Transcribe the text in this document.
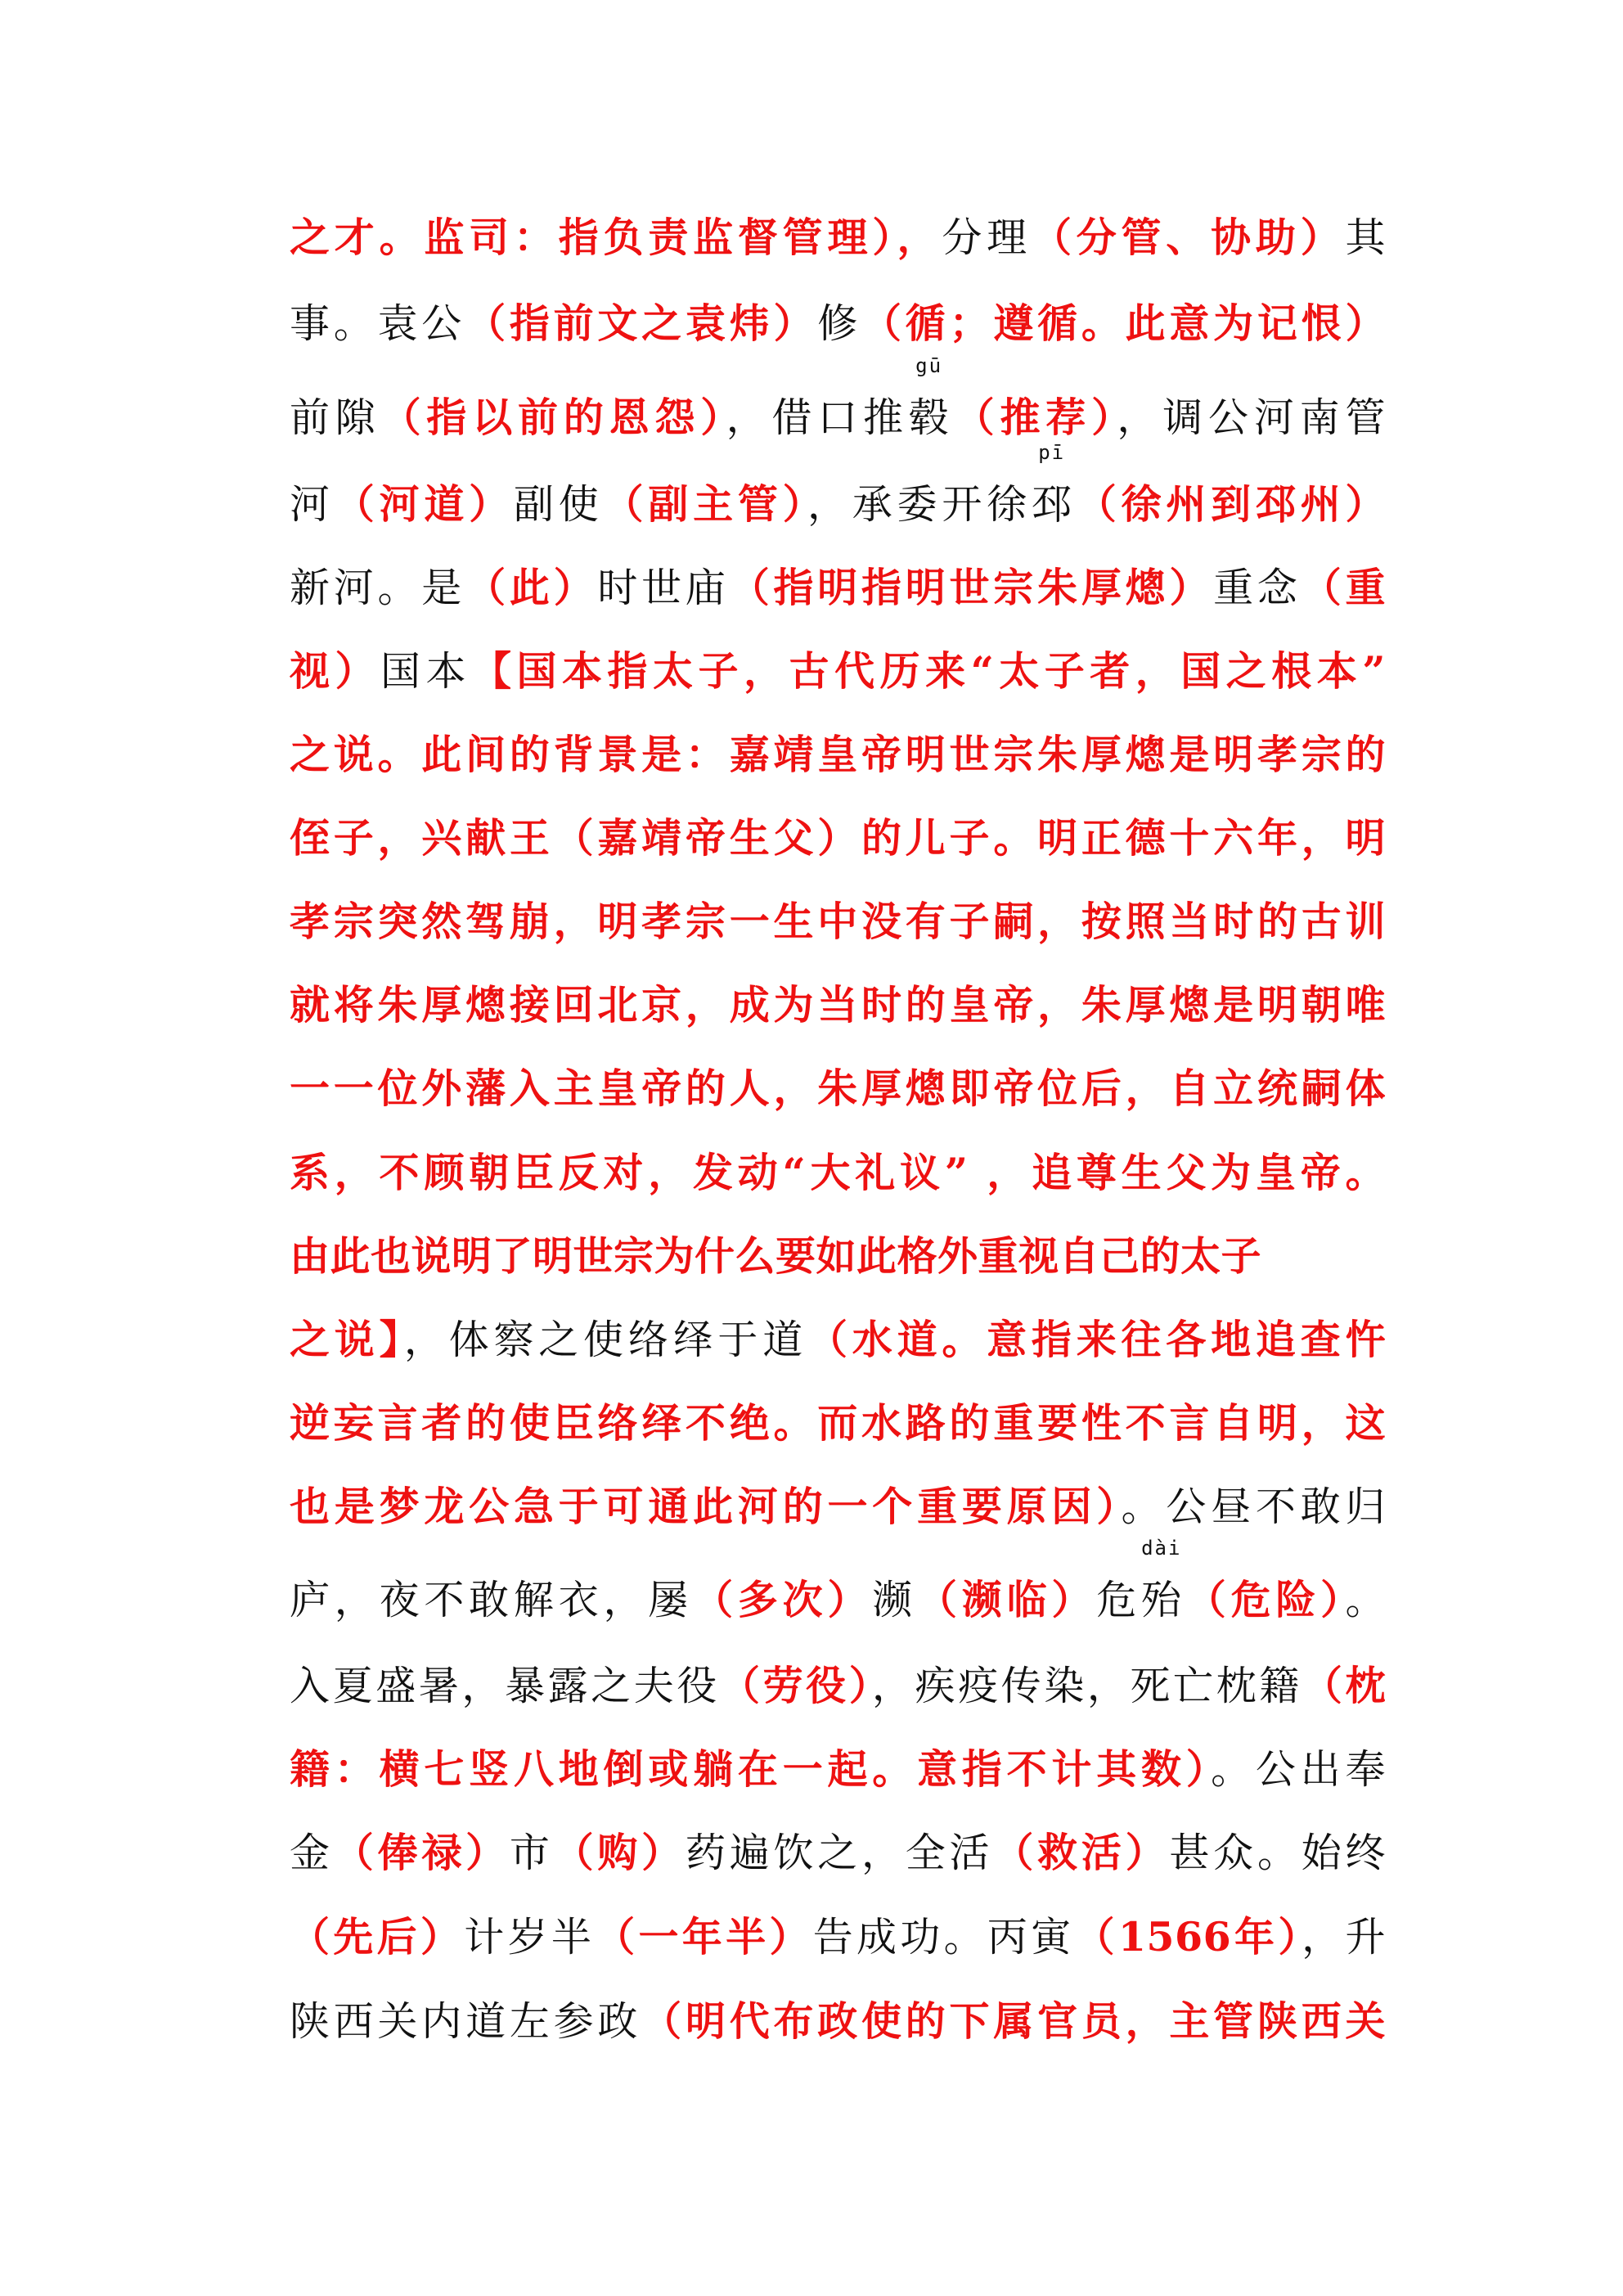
之才。监司：指负责监督管理），分理（分管、协助）其
事。袁公（指前文之袁炜）修（循；遵循。此意为记恨）
前隙（指以前的恩怨），借口推毂
gū
（推荐），调公河南管
河（河道）副使（副主管），承委开徐邳
pī
（徐州到邳州）
新河。是（此）时世庙（指明指明世宗朱厚熜）重念（重
视）国本【国本指太子，古代历来“太子者，国之根本”
之说。此间的背景是：嘉靖皇帝明世宗朱厚熜是明孝宗的
侄子，兴献王（嘉靖帝生父）的儿子。明正德十六年，明
孝宗突然驾崩，明孝宗一生中没有子嗣，按照当时的古训
就将朱厚熜接回北京，成为当时的皇帝，朱厚熜是明朝唯
一一位外藩入主皇帝的人，朱厚熜即帝位后，自立统嗣体
系，不顾朝臣反对，发动“大礼议” ，追尊生父为皇帝。
由此也说明了明世宗为什么要如此格外重视自己的太子
之说】，体察之使络绎于道（水道。意指来往各地追查忤
逆妄言者的使臣络绎不绝。而水路的重要性不言自明，这
也是梦龙公急于可通此河的一个重要原因）。公昼不敢归
庐，夜不敢解衣，屡（多次）濒（濒临）危殆
dài
（危险）。
入夏盛暑，暴露之夫役（劳役），疾疫传染，死亡枕籍（枕
籍：横七竖八地倒或躺在一起。意指不计其数）。公出奉
金（俸禄）市（购）药遍饮之，全活（救活）甚众。始终
（先后）计岁半（一年半）告成功。丙寅（1566年），升
陕西关内道左参政（明代布政使的下属官员，主管陕西关
